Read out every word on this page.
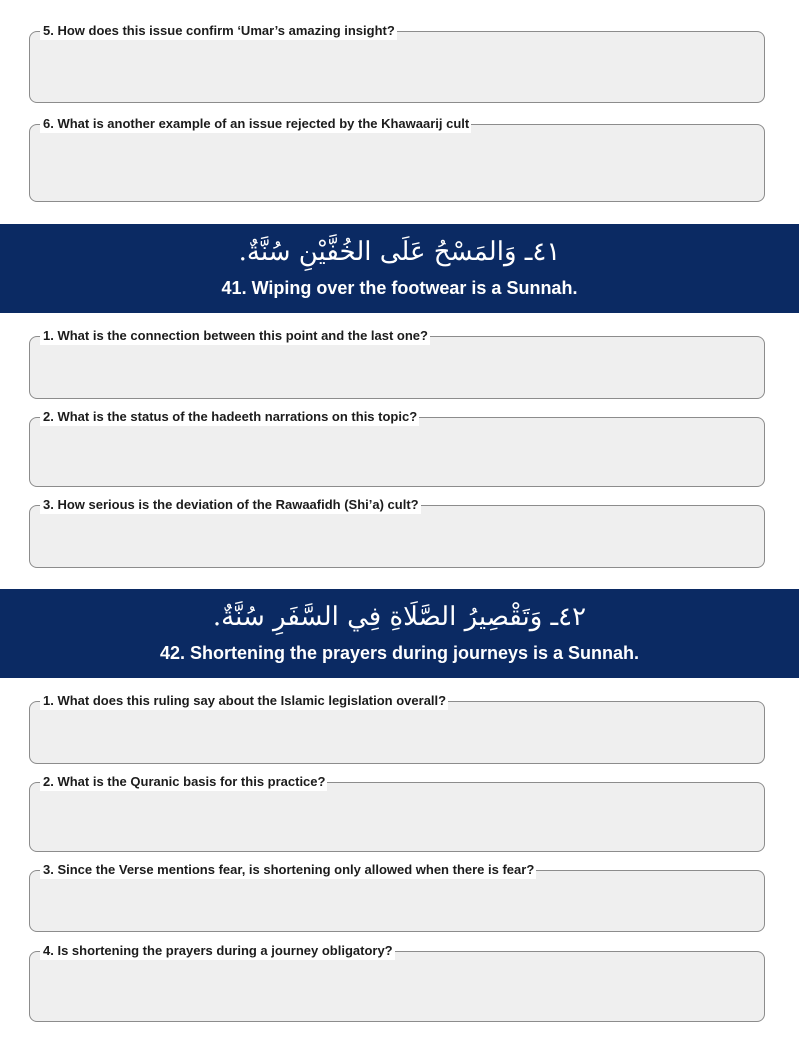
5. How does this issue confirm ‘Umar’s amazing insight?
6. What is another example of an issue rejected by the Khawaarij cult
٤١ـ وَالمَسْحُ عَلَى الخُفَّيْنِ سُنَّةٌ.
41. Wiping over the footwear is a Sunnah.
1. What is the connection between this point and the last one?
2. What is the status of the hadeeth narrations on this topic?
3. How serious is the deviation of the Rawaafidh (Shi’a) cult?
٤٢ـ وَتَقْصِيرُ الصَّلَاةِ فِي السَّفَرِ سُنَّةٌ.
42. Shortening the prayers during journeys is a Sunnah.
1. What does this ruling say about the Islamic legislation overall?
2. What is the Quranic basis for this practice?
3. Since the Verse mentions fear, is shortening only allowed when there is fear?
4. Is shortening the prayers during a journey obligatory?
